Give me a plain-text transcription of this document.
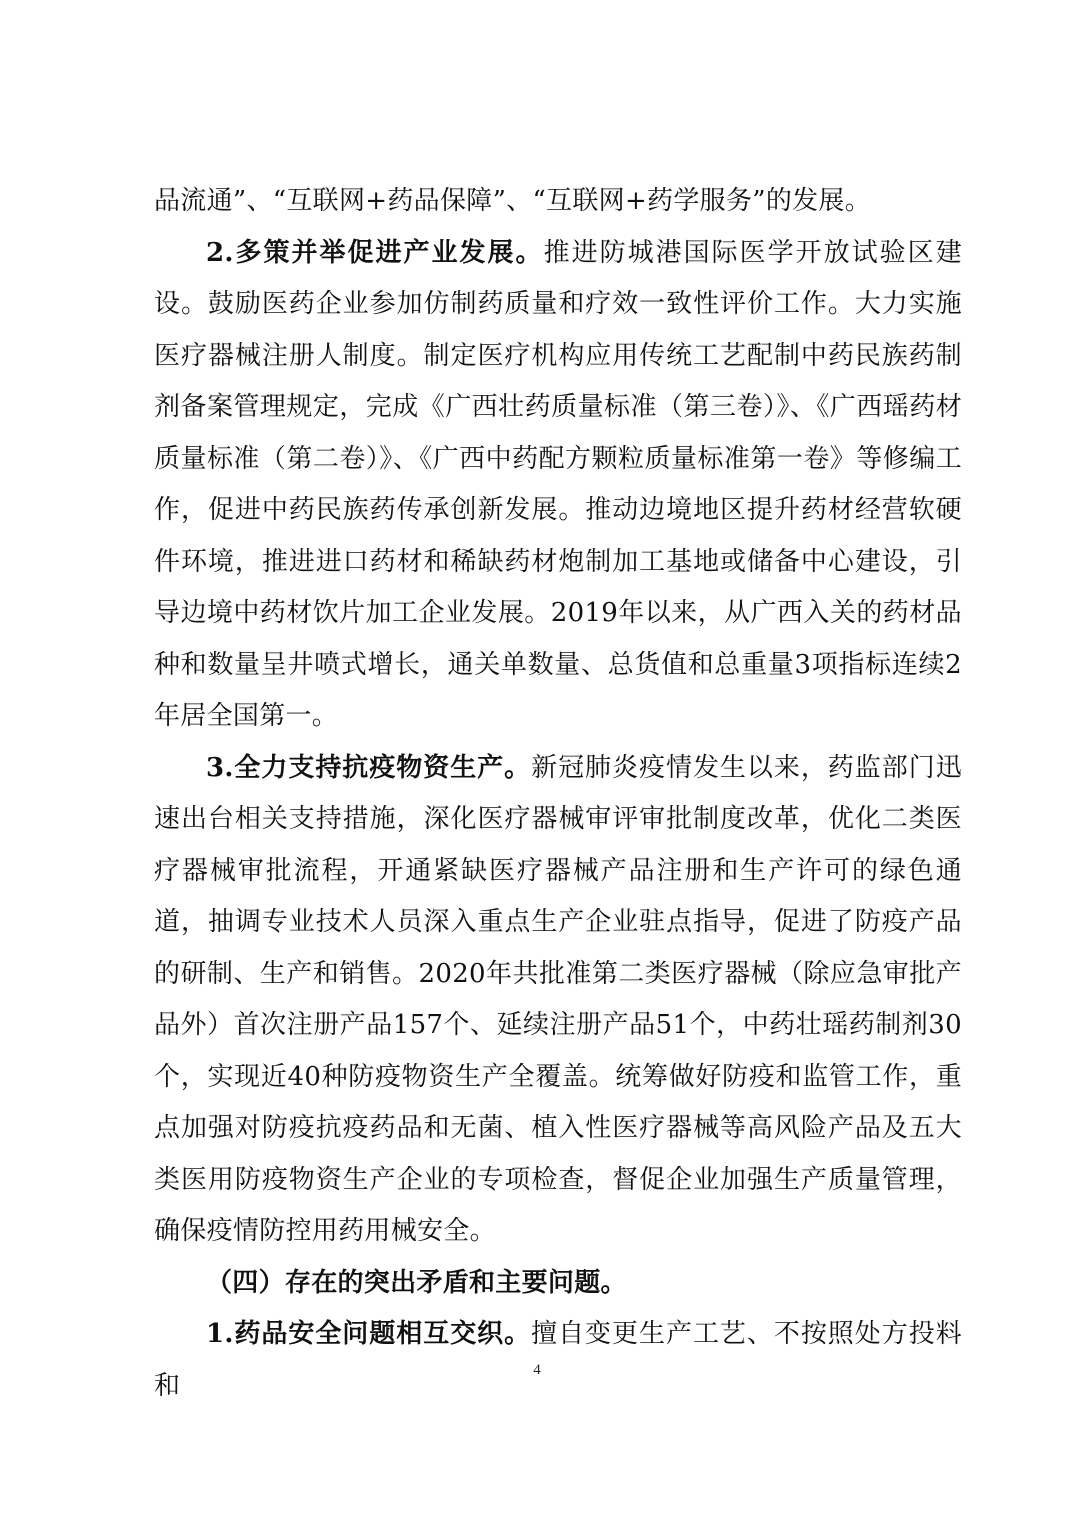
品流通”、“互联网+药品保障”、“互联网+药学服务”的发展。

2.多策并举促进产业发展。推进防城港国际医学开放试验区建设。鼓励医药企业参加仿制药质量和疗效一致性评价工作。大力实施医疗器械注册人制度。制定医疗机构应用传统工艺配制中药民族药制剂备案管理规定，完成《广西壮药质量标准（第三卷）》、《广西瑶药材质量标准（第二卷）》、《广西中药配方颗粒质量标准第一卷》等修编工作，促进中药民族药传承创新发展。推动边境地区提升药材经营软硬件环境，推进进口药材和稀缺药材炮制加工基地或储备中心建设，引导边境中药材饮片加工企业发展。2019年以来，从广西入关的药材品种和数量呈井喷式增长，通关单数量、总货值和总重量3项指标连续2年居全国第一。

3.全力支持抗疫物资生产。新冠肺炎疫情发生以来，药监部门迅速出台相关支持措施，深化医疗器械审评审批制度改革，优化二类医疗器械审批流程，开通紧缺医疗器械产品注册和生产许可的绿色通道，抽调专业技术人员深入重点生产企业驻点指导，促进了防疫产品的研制、生产和销售。2020年共批准第二类医疗器械（除应急审批产品外）首次注册产品157个、延续注册产品51个，中药壮瑶药制剂30个，实现近40种防疫物资生产全覆盖。统筹做好防疫和监管工作，重点加强对防疫抗疫药品和无菌、植入性医疗器械等高风险产品及五大类医用防疫物资生产企业的专项检查，督促企业加强生产质量管理，确保疫情防控用药用械安全。

（四）存在的突出矛盾和主要问题。

1.药品安全问题相互交织。擅自变更生产工艺、不按照处方投料和

4
